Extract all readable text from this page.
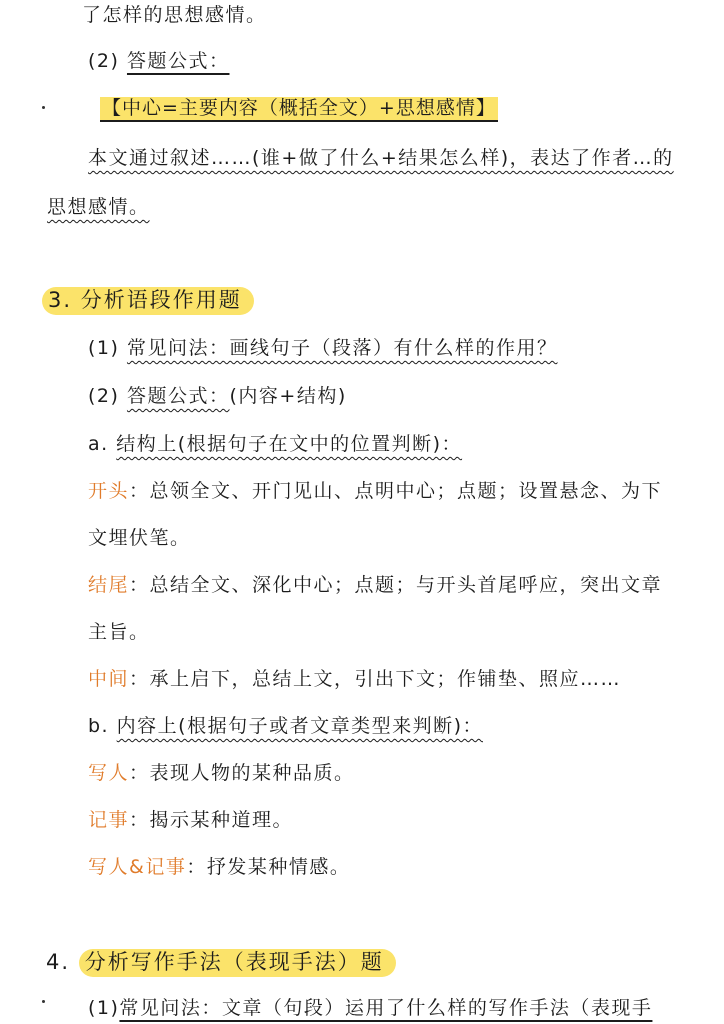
了怎样的思想感情。
(2) 答题公式：
【中心=主要内容（概括全文）+思想感情】
本文通过叙述……(谁+做了什么+结果怎么样)，表达了作者…的
思想感情。
3. 分析语段作用题
(1) 常见问法：画线句子（段落）有什么样的作用？
(2) 答题公式：(内容+结构)
a. 结构上(根据句子在文中的位置判断)：
开头：总领全文、开门见山、点明中心；点题；设置悬念、为下
文埋伏笔。
结尾：总结全文、深化中心；点题；与开头首尾呼应，突出文章
主旨。
中间：承上启下，总结上文，引出下文；作铺垫、照应……
b. 内容上(根据句子或者文章类型来判断)：
写人：表现人物的某种品质。
记事：揭示某种道理。
写人&记事：抒发某种情感。
4. 分析写作手法（表现手法）题
(1)常见问法：文章（句段）运用了什么样的写作手法（表现手
